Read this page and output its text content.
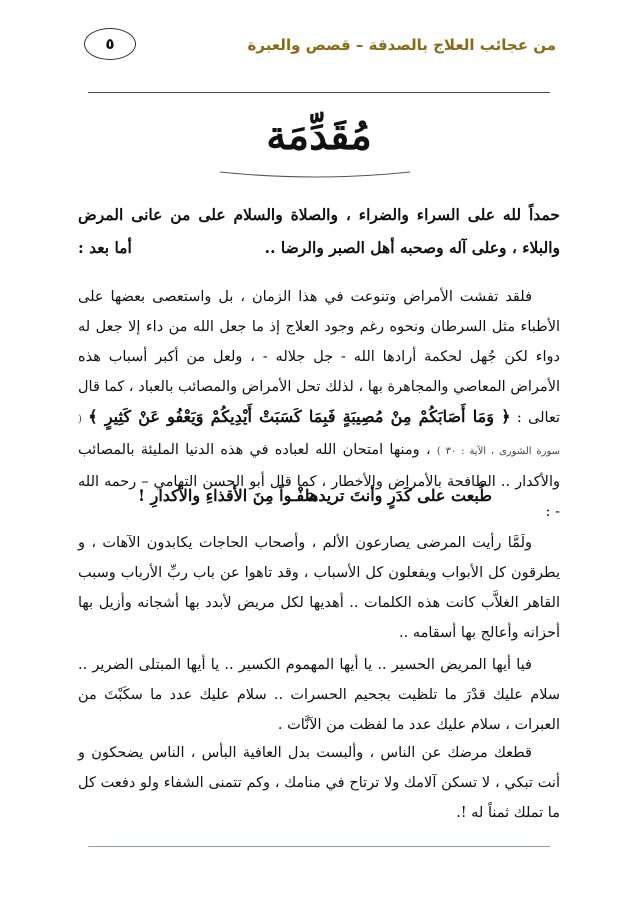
من عجائب العلاج بالصدقة – قصص والعبرة
٥
مُقَدِّمَة
حمداً لله على السراء والضراء ، والصلاة والسلام على من عانى المرض والبلاء ، وعلى آله وصحبه أهل الصبر والرضا ..
أما بعد :
فلقد تفشت الأمراض وتنوعت في هذا الزمان ، بل واستعصى بعضها على الأطباء مثل السرطان ونحوه رغم وجود العلاج إذ ما جعل الله من داء إلا جعل له دواء لكن جُهل لحكمة أرادها الله - جل جلاله - ، ولعل من أكبر أسباب هذه الأمراض المعاصي والمجاهرة بها ، لذلك تحل الأمراض والمصائب بالعباد ، كما قال تعالى : ﴿ وَمَا أَصَابَكُمْ مِنْ مُصِيبَةٍ فَبِمَا كَسَبَتْ أَيْدِيكُمْ وَيَعْفُو عَنْ كَثِيرٍ ﴾ ( سورة الشورى ، الآية : ٣٠ ) ، ومنها امتحان الله لعباده في هذه الدنيا المليئة بالمصائب والأكدار .. الطافحة بالأمراض والأخطار ، كما قال أبو الحسن التهامي – رحمه الله - :
طُبعت على كَدَرٍ وأنتَ تريدها
صَفْـواً مِنَ الأقذاءِ والأكدارِ !
ولَمَّا رأيت المرضى يصارعون الألم ، وأصحاب الحاجات يكابدون الآهات ، و يطرقون كل الأبواب ويفعلون كل الأسباب ، وقد تاهوا عن باب ربِّ الأرباب وسبب القاهر الغلاَّب كانت هذه الكلمات .. أهديها لكل مريض لأبدد بها أشجانه وأزيل بها أحزانه وأعالج بها أسقامه ..
فيا أيها المريض الحسير .. يا أيها المهموم الكسير .. يا أيها المبتلى الضرير .. سلام عليك قدْرَ ما تلظيت بجحيم الحسرات .. سلام عليك عدد ما سكَبْتَ من العبرات ، سلام عليك عدد ما لفظت من الآنَّات .
قطعك مرضك عن الناس ، وألبست بدل العافية البأس ، الناس يضحكون و أنت تبكي ، لا تسكن آلامك ولا ترتاح في منامك ، وكم تتمنى الشفاء ولو دفعت كل ما تملك ثمناً له !.
